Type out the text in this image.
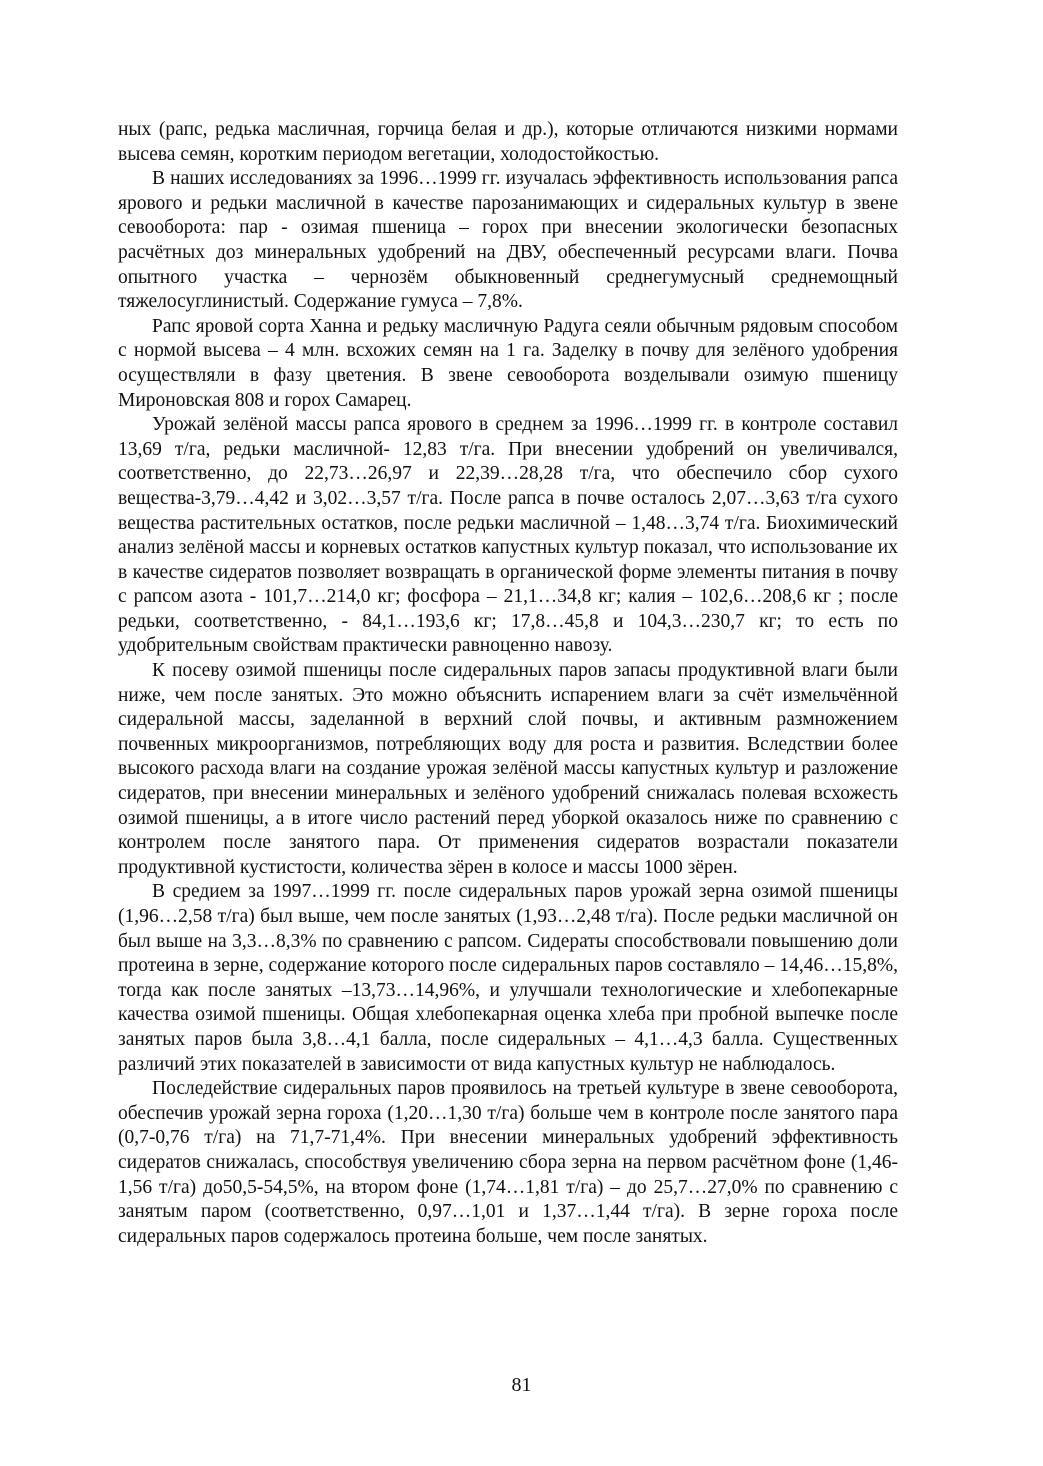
ных (рапс, редька масличная, горчица белая и др.), которые отличаются низкими нормами высева семян, коротким периодом вегетации, холодостойкостью.

В наших исследованиях за 1996…1999 гг. изучалась эффективность использования рапса ярового и редьки масличной в качестве парозанимающих и сидеральных культур в звене севооборота: пар - озимая пшеница – горох при внесении экологически безопасных расчётных доз минеральных удобрений на ДВУ, обеспеченный ресурсами влаги. Почва опытного участка – чернозём обыкновенный среднегумусный среднемощный тяжелосуглинистый. Содержание гумуса – 7,8%.

Рапс яровой сорта Ханна и редьку масличную Радуга сеяли обычным рядовым способом с нормой высева – 4 млн. всхожих семян на 1 га. Заделку в почву для зелёного удобрения осуществляли в фазу цветения. В звене севооборота возделывали озимую пшеницу Мироновская 808 и горох Самарец.

Урожай зелёной массы рапса ярового в среднем за 1996…1999 гг. в контроле составил 13,69 т/га, редьки масличной- 12,83 т/га. При внесении удобрений он увеличивался, соответственно, до 22,73…26,97 и 22,39…28,28 т/га, что обеспечило сбор сухого вещества-3,79…4,42 и 3,02…3,57 т/га. После рапса в почве осталось 2,07…3,63 т/га сухого вещества растительных остатков, после редьки масличной – 1,48…3,74 т/га. Биохимический анализ зелёной массы и корневых остатков капустных культур показал, что использование их в качестве сидератов позволяет возвращать в органической форме элементы питания в почву с рапсом азота - 101,7…214,0 кг; фосфора – 21,1…34,8 кг; калия – 102,6…208,6 кг ; после редьки, соответственно, - 84,1…193,6 кг; 17,8…45,8 и 104,3…230,7 кг; то есть по удобрительным свойствам практически равноценно навозу.

К посеву озимой пшеницы после сидеральных паров запасы продуктивной влаги были ниже, чем после занятых. Это можно объяснить испарением влаги за счёт измельчённой сидеральной массы, заделанной в верхний слой почвы, и активным размножением почвенных микроорганизмов, потребляющих воду для роста и развития. Вследствии более высокого расхода влаги на создание урожая зелёной массы капустных культур и разложение сидератов, при внесении минеральных и зелёного удобрений снижалась полевая всхожесть озимой пшеницы, а в итоге число растений перед уборкой оказалось ниже по сравнению с контролем после занятого пара. От применения сидератов возрастали показатели продуктивной кустистости, количества зёрен в колосе и массы 1000 зёрен.

В средием за 1997…1999 гг. после сидеральных паров урожай зерна озимой пшеницы (1,96…2,58 т/га) был выше, чем после занятых (1,93…2,48 т/га). После редьки масличной он был выше на 3,3…8,3% по сравнению с рапсом. Сидераты способствовали повышению доли протеина в зерне, содержание которого после сидеральных паров составляло – 14,46…15,8%, тогда как после занятых –13,73…14,96%, и улучшали технологические и хлебопекарные качества озимой пшеницы. Общая хлебопекарная оценка хлеба при пробной выпечке после занятых паров была 3,8…4,1 балла, после сидеральных – 4,1…4,3 балла. Существенных различий этих показателей в зависимости от вида капустных культур не наблюдалось.

Последействие сидеральных паров проявилось на третьей культуре в звене севооборота, обеспечив урожай зерна гороха (1,20…1,30 т/га) больше чем в контроле после занятого пара (0,7-0,76 т/га) на 71,7-71,4%. При внесении минеральных удобрений эффективность сидератов снижалась, способствуя увеличению сбора зерна на первом расчётном фоне (1,46-1,56 т/га) до50,5-54,5%, на втором фоне (1,74…1,81 т/га) – до 25,7…27,0% по сравнению с занятым паром (соответственно, 0,97…1,01 и 1,37…1,44 т/га). В зерне гороха после сидеральных паров содержалось протеина больше, чем после занятых.

81
